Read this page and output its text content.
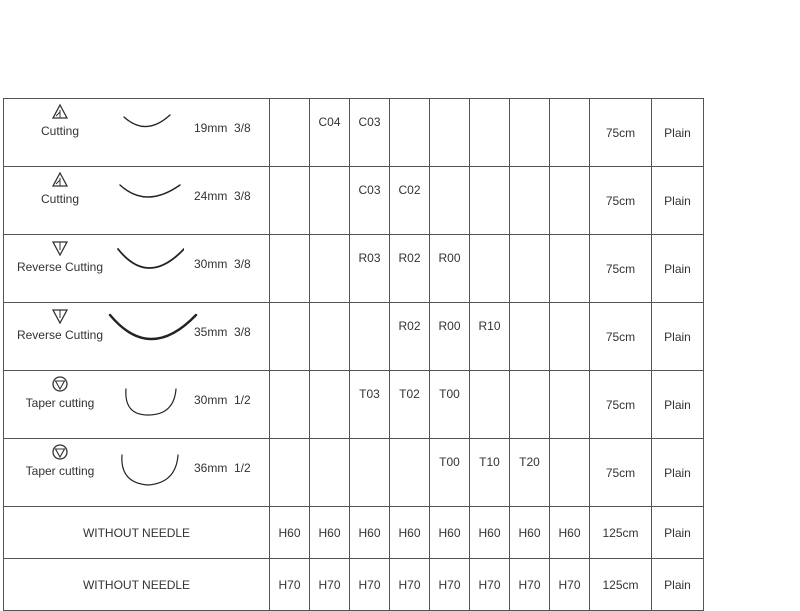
Cutting 19mm  3/8		C04	C03						75cm	Plain	

Cutting 24mm  3/8			C03	C02					75cm	Plain	

Reverse Cutting 30mm  3/8			R03	R02	R00				75cm	Plain	

Reverse Cutting 35mm  3/8				R02	R00	R10			75cm	Plain	

Taper cutting 30mm  1/2			T03	T02	T00				75cm	Plain	

Taper cutting 36mm  1/2					T00	T10	T20		75cm	Plain	
WITHOUT NEEDLE	H60	H60	H60	H60	H60	H60	H60	H60	125cm	Plain	
WITHOUT NEEDLE	H70	H70	H70	H70	H70	H70	H70	H70	125cm	Plain	
